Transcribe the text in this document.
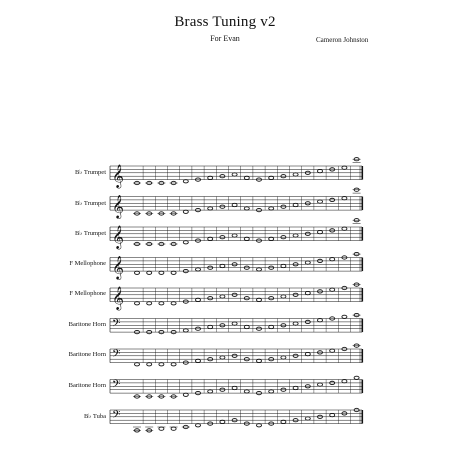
Brass Tuning v2
For Evan	Cameron Johnston
B♭ Trumpet
B♭ Trumpet
B♭ Trumpet
F Mellophone
F Mellophone
Baritone Horn
Baritone Horn
Baritone Horn
B♭ Tuba
𝄞
𝄞
𝄞
𝄞
𝄞
𝄢
𝄢
𝄢
𝄢
